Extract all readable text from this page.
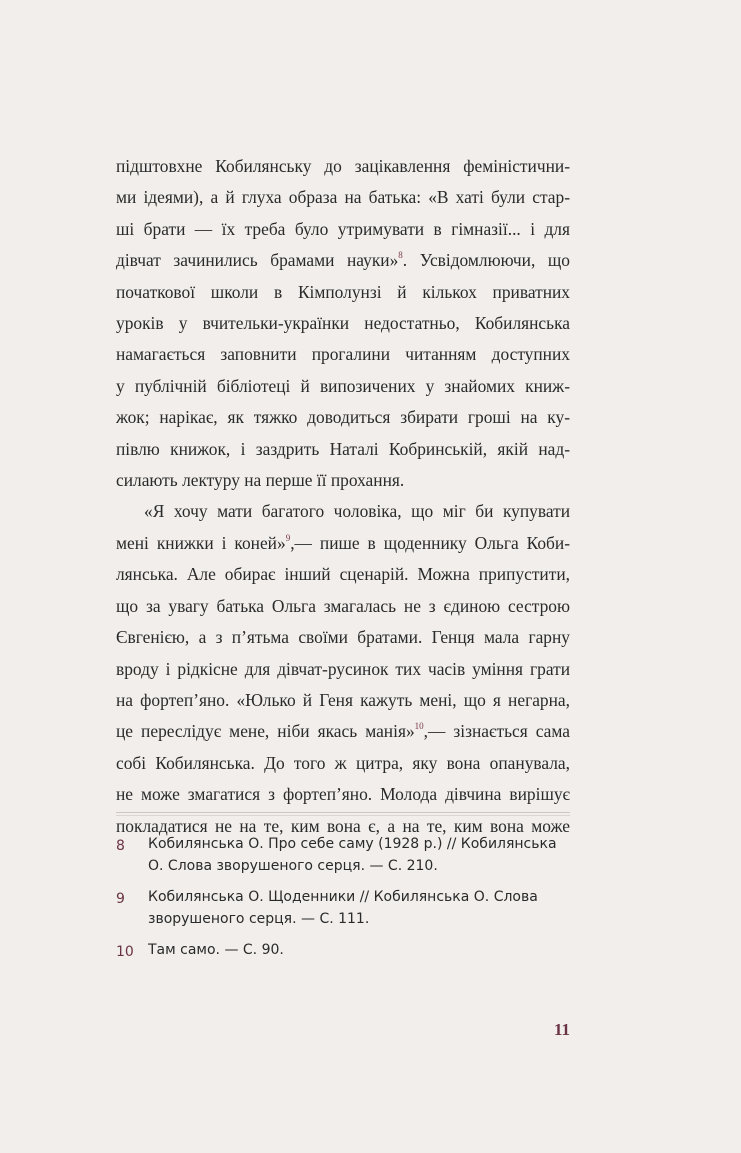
підштовхне Кобилянську до зацікавлення феміністични-
ми ідеями), а й глуха образа на батька: «В хаті були стар-
ші брати — їх треба було утримувати в гімназії... і для
дівчат зачинились брамами науки»$^8$. Усвідомлюючи, що
початкової школи в Кімполунзі й кількох приватних
уроків у вчительки-українки недостатньо, Кобилянська
намагається заповнити прогалини читанням доступних
у публічній бібліотеці й випозичених у знайомих книж-
жок; нарікає, як тяжко доводиться збирати гроші на ку-
півлю книжок, і заздрить Наталі Кобринській, якій над-
силають лектуру на перше її прохання.

«Я хочу мати багатого чоловіка, що міг би купувати
мені книжки і коней»$^9$,— пише в щоденнику Ольга Коби-
лянська. Але обирає інший сценарій. Можна припустити,
що за увагу батька Ольга змагалась не з єдиною сестрою
Євгенією, а з п’ятьма своїми братами. Генця мала гарну
вроду і рідкісне для дівчат-русинок тих часів уміння грати
на фортеп’яно. «Юлько й Геня кажуть мені, що я негарна,
це переслідує мене, ніби якась манія»$^{10}$,— зізнається сама
собі Кобилянська. До того ж цитра, яку вона опанувала,
не може змагатися з фортеп’яно. Молода дівчина вирішує
покладатися не на те, ким вона є, а на те, ким вона може

8	Кобилянська О. Про себе саму (1928 р.) // Кобилянська О. Слова зворушеного серця. — С. 210.
9	Кобилянська О. Щоденники // Кобилянська О. Слова зворушеного серця. — С. 111.
10	Там само. — С. 90.
11
